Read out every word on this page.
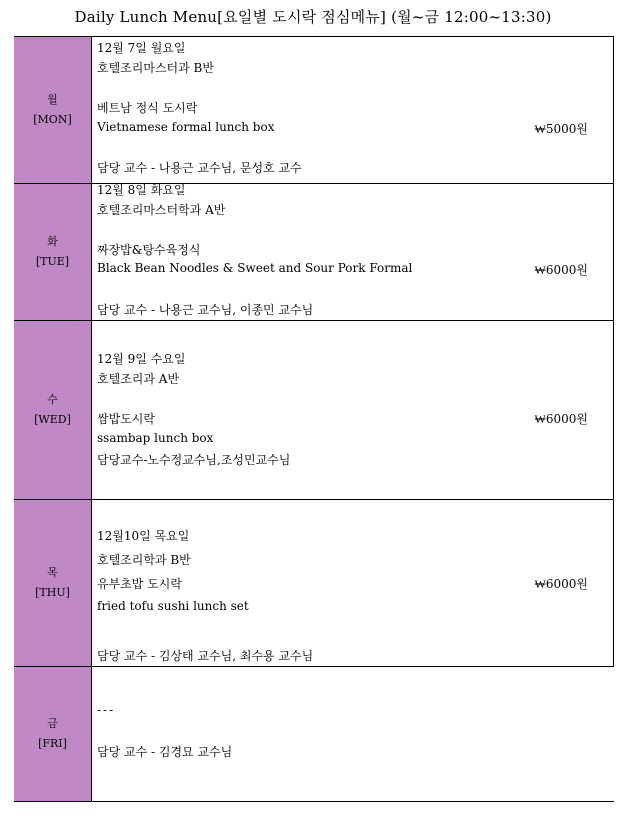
Daily Lunch Menu[요일별 도시락 점심메뉴] (월~금 12:00~13:30)
월
[MON]
12월 7일 월요일
호텔조리마스터과 B반
베트남 정식 도시락
Vietnamese formal lunch box	₩5000원
담당 교수 - 나용근 교수님, 문성호 교수
화
[TUE]
12월 8일 화요일
호텔조리마스터학과 A반
짜장밥&탕수육정식
Black Bean Noodles & Sweet and Sour Pork Formal	₩6000원
담당 교수 - 나용근 교수님, 이종민 교수님
수
[WED]
12월 9일 수요일
호텔조리과 A반
쌈밥도시락	₩6000원
ssambap lunch box
담당교수-노수정교수님,조성민교수님
목
[THU]
12월10일 목요일
호텔조리학과 B반
유부초밥 도시락	₩6000원
fried tofu sushi lunch set
담당 교수 - 김상태 교수님, 최수용 교수님
금
[FRI]
---
담당 교수 - 김경묘 교수님
